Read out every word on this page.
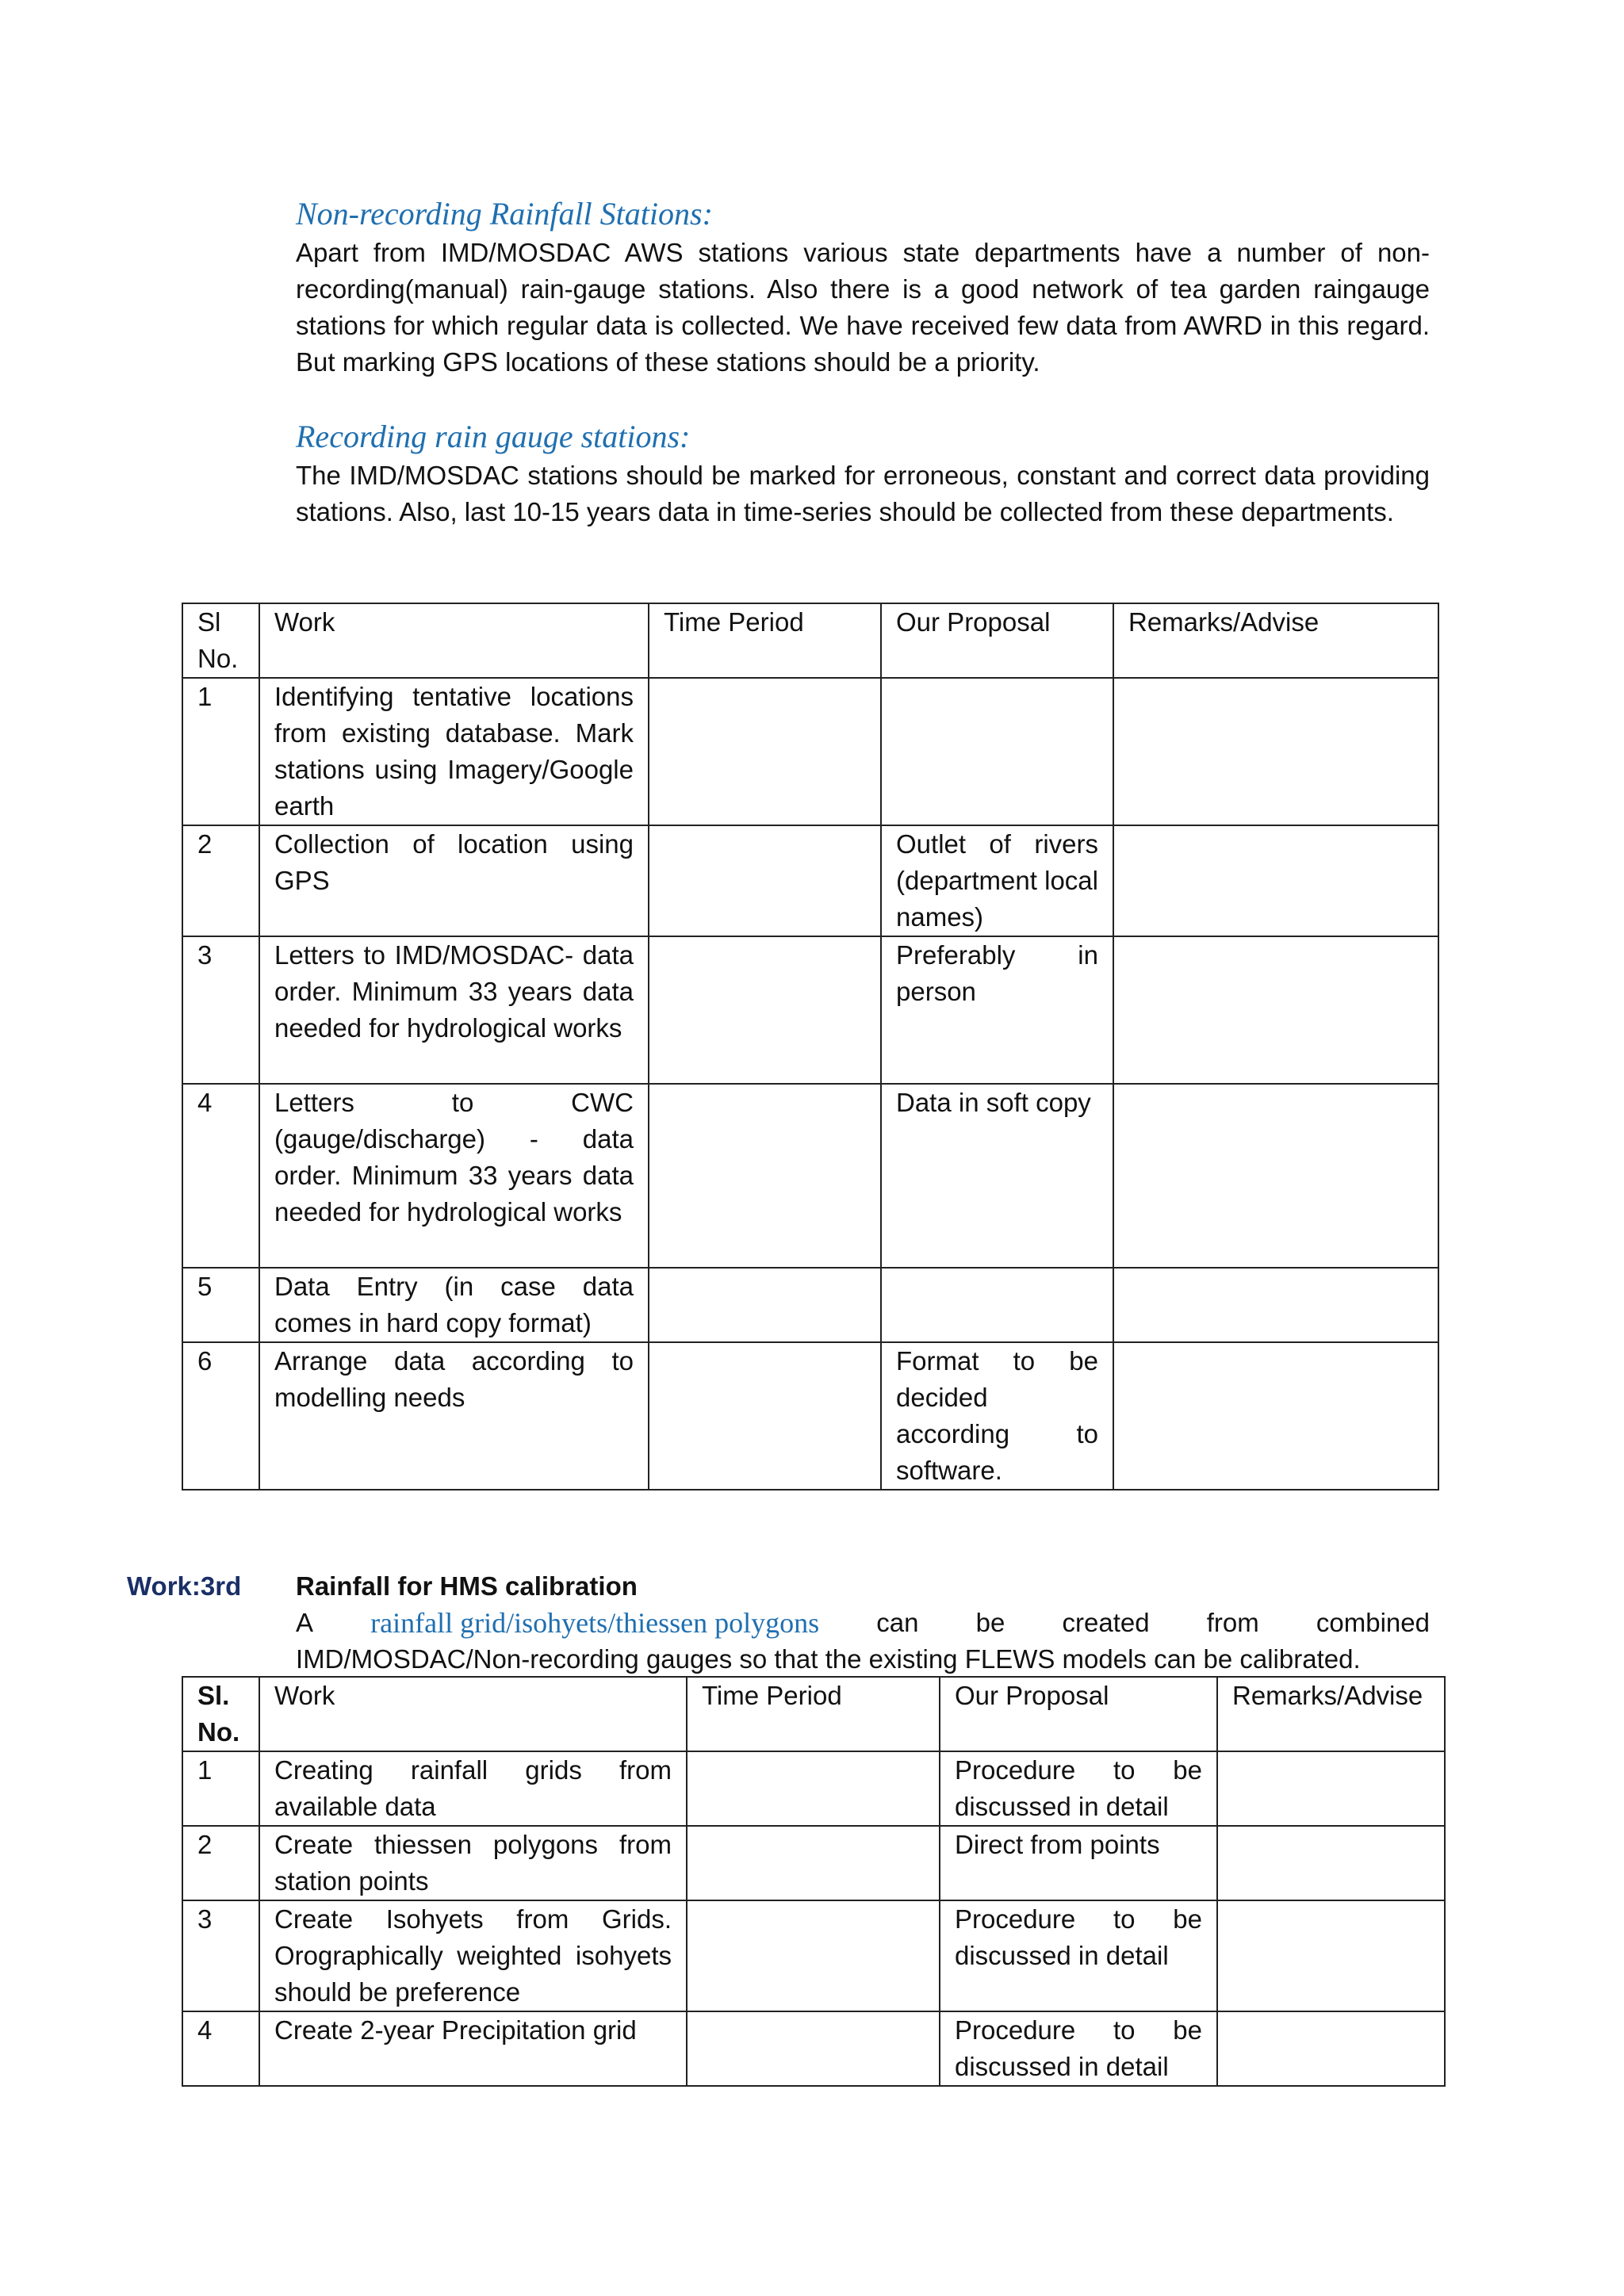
Non-recording Rainfall Stations:

Apart from IMD/MOSDAC AWS stations various state departments have a number of non-recording(manual) rain-gauge stations. Also there is a good network of tea garden raingauge stations for which regular data is collected. We have received few data from AWRD in this regard. But marking GPS locations of these stations should be a priority.

Recording rain gauge stations:

The IMD/MOSDAC stations should be marked for erroneous, constant and correct data providing stations. Also, last 10-15 years data in time-series should be collected from these departments.

Sl No.	Work	Time Period	Our Proposal	Remarks/Advise
1	Identifying tentative locations from existing database. Mark stations using Imagery/Google earth			
2	Collection of location using GPS		Outlet of rivers (department local names)	
3	Letters to IMD/MOSDAC- data order. Minimum 33 years data needed for hydrological works		Preferably in person	
4	Letters to CWC (gauge/discharge) - data order. Minimum 33 years data needed for hydrological works		Data in soft copy	
5	Data Entry (in case data comes in hard copy format)			
6	Arrange data according to modelling needs		Format to be decided according to software.	
Work:3rd Rainfall for HMS calibration
A rainfall grid/isohyets/thiessen polygons can be created from combined
IMD/MOSDAC/Non-recording gauges so that the existing FLEWS models can be calibrated.
Sl. No.	Work	Time Period	Our Proposal	Remarks/Advise
1	Creating rainfall grids from available data		Procedure to be discussed in detail	
2	Create thiessen polygons from station points		Direct from points	
3	Create Isohyets from Grids. Orographically weighted isohyets should be preference		Procedure to be discussed in detail	
4	Create 2-year Precipitation grid		Procedure to be discussed in detail	
